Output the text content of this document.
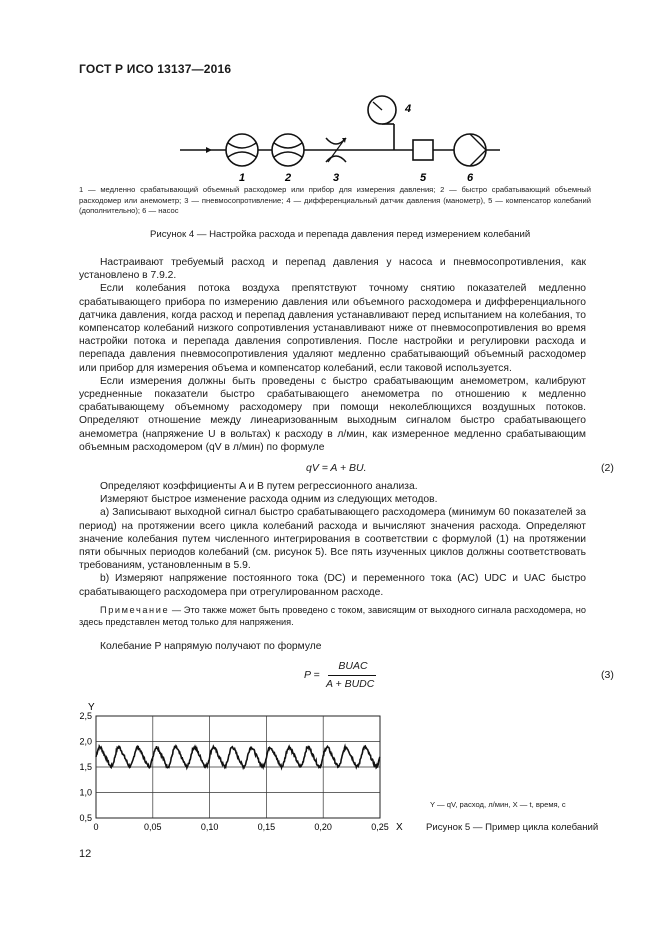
ГОСТ Р ИСО 13137—2016
1	2	3
4
5	6
1 — медленно срабатывающий объемный расходомер или прибор для измерения давления; 2 — быстро срабатывающий объемный расходомер или анемометр; 3 — пневмосопротивление; 4 — дифференциальный датчик давления (манометр), 5 — компенсатор колебаний (дополнительно); 6 — насос
Рисунок 4 — Настройка расхода и перепада давления перед измерением колебаний

Настраивают требуемый расход и перепад давления у насоса и пневмосопротивления, как установлено в 7.9.2.

Если колебания потока воздуха препятствуют точному снятию показателей медленно срабатывающего прибора по измерению давления или объемного расходомера и дифференциального датчика давления, когда расход и перепад давления устанавливают перед испытанием на колебания, то компенсатор колебаний низкого сопротивления устанавливают ниже от пневмосопротивления во время настройки потока и перепада давления сопротивления. После настройки и регулировки расхода и перепада давления пневмосопротивления удаляют медленно срабатывающий объемный расходомер или прибор для измерения объема и компенсатор колебаний, если таковой используется.

Если измерения должны быть проведены с быстро срабатывающим анемометром, калибруют усредненные показатели быстро срабатывающего анемометра по отношению к медленно срабатывающему объемному расходомеру при помощи неколеблющихся воздушных потоков. Определяют отношение между линеаризованным выходным сигналом быстро срабатывающего анемометра (напряжение U в вольтах) к расходу в л/мин, как измеренное медленно срабатывающим объемным расходомером (qV в л/мин) по формуле

qV = A + BU.	(2)

Определяют коэффициенты A и B путем регрессионного анализа.

Измеряют быстрое изменение расхода одним из следующих методов.

a) Записывают выходной сигнал быстро срабатывающего расходомера (минимум 60 показателей за период) на протяжении всего цикла колебаний расхода и вычисляют значения расхода. Определяют значение колебания путем численного интегрирования в соответствии с формулой (1) на протяжении пяти обычных периодов колебаний (см. рисунок 5). Все пять изученных циклов должны соответствовать требованиям, установленным в 5.9.

b) Измеряют напряжение постоянного тока (DC) и переменного тока (AC) UDC и UAC быстро срабатывающего расходомера при отрегулированном расходе.

Примечание — Это также может быть проведено с током, зависящим от выходного сигнала расходомера, но здесь представлен метод только для напряжения.

Колебание P напрямую получают по формуле

P =
BUAC
A + BUDC
(3)
0	0,05	0,10	0,15	0,20	0,25
0,5
1,0
1,5
2,0
2,5
X
Y
Y — qV, расход, л/мин, X — t, время, с
Рисунок 5 — Пример цикла колебаний
12
